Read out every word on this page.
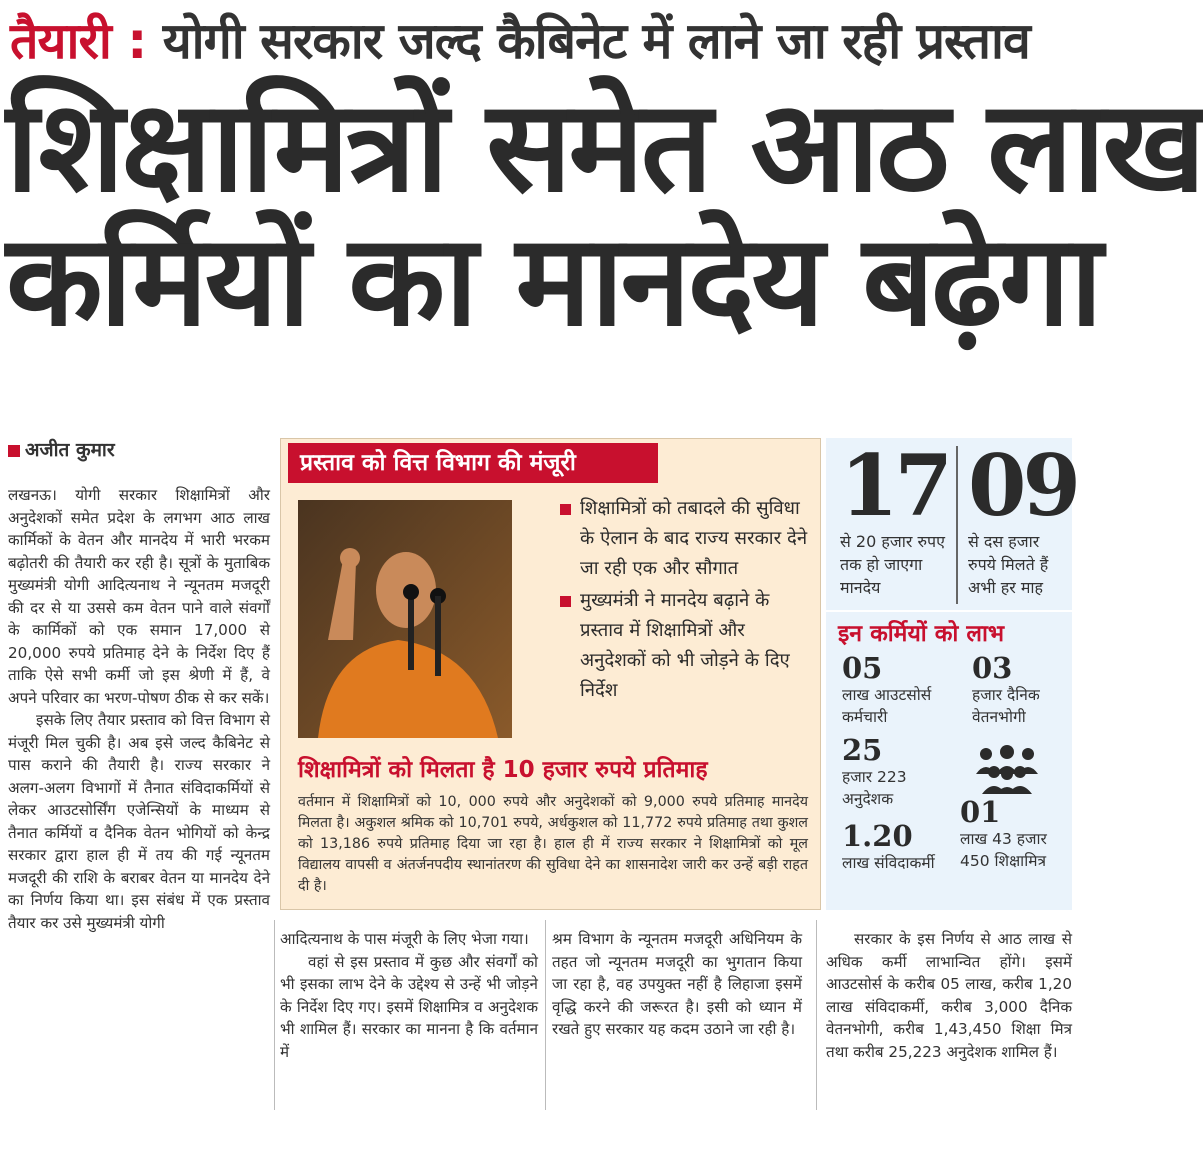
तैयारी : योगी सरकार जल्द कैबिनेट में लाने जा रही प्रस्ताव
शिक्षामित्रों समेत आठ लाख
कर्मियों का मानदेय बढ़ेगा
अजीत कुमार

लखनऊ। योगी सरकार शिक्षामित्रों और अनुदेशकों समेत प्रदेश के लगभग आठ लाख कार्मिकों के वेतन और मानदेय में भारी भरकम बढ़ोतरी की तैयारी कर रही है। सूत्रों के मुताबिक मुख्यमंत्री योगी आदित्यनाथ ने न्यूनतम मजदूरी की दर से या उससे कम वेतन पाने वाले संवर्गों के कार्मिकों को एक समान 17,000 से 20,000 रुपये प्रतिमाह देने के निर्देश दिए हैं ताकि ऐसे सभी कर्मी जो इस श्रेणी में हैं, वे अपने परिवार का भरण-पोषण ठीक से कर सकें।

इसके लिए तैयार प्रस्ताव को वित्त विभाग से मंजूरी मिल चुकी है। अब इसे जल्द कैबिनेट से पास कराने की तैयारी है। राज्य सरकार ने अलग-अलग विभागों में तैनात संविदाकर्मियों से लेकर आउटसोर्सिंग एजेन्सियों के माध्यम से तैनात कर्मियों व दैनिक वेतन भोगियों को केन्द्र सरकार द्वारा हाल ही में तय की गई न्यूनतम मजदूरी की राशि के बराबर वेतन या मानदेय देने का निर्णय किया था। इस संबंध में एक प्रस्ताव तैयार कर उसे मुख्यमंत्री योगी

प्रस्ताव को वित्त विभाग की मंजूरी
शिक्षामित्रों को तबादले की सुविधा के ऐलान के बाद राज्य सरकार देने जा रही एक और सौगात
मुख्यमंत्री ने मानदेय बढ़ाने के प्रस्ताव में शिक्षामित्रों और अनुदेशकों को भी जोड़ने के दिए निर्देश
शिक्षामित्रों को मिलता है 10 हजार रुपये प्रतिमाह
वर्तमान में शिक्षामित्रों को 10, 000 रुपये और अनुदेशकों को 9,000 रुपये प्रतिमाह मानदेय मिलता है। अकुशल श्रमिक को 10,701 रुपये, अर्धकुशल को 11,772 रुपये प्रतिमाह तथा कुशल को 13,186 रुपये प्रतिमाह दिया जा रहा है। हाल ही में राज्य सरकार ने शिक्षामित्रों को मूल विद्यालय वापसी व अंतर्जनपदीय स्थानांतरण की सुविधा देने का शासनादेश जारी कर उन्हें बड़ी राहत दी है।
17
से 20 हजार रुपए तक हो जाएगा मानदेय
09
से दस हजार रुपये मिलते हैं अभी हर माह
इन कर्मियों को लाभ
05
लाख आउटसोर्स कर्मचारी
03
हजार दैनिक वेतनभोगी
25
हजार 223 अनुदेशक	01
लाख 43 हजार 450 शिक्षामित्र
1.20
लाख संविदाकर्मी

आदित्यनाथ के पास मंजूरी के लिए भेजा गया।

वहां से इस प्रस्ताव में कुछ और संवर्गों को भी इसका लाभ देने के उद्देश्य से उन्हें भी जोड़ने के निर्देश दिए गए। इसमें शिक्षामित्र व अनुदेशक भी शामिल हैं। सरकार का मानना है कि वर्तमान में

श्रम विभाग के न्यूनतम मजदूरी अधिनियम के तहत जो न्यूनतम मजदूरी का भुगतान किया जा रहा है, वह उपयुक्त नहीं है लिहाजा इसमें वृद्धि करने की जरूरत है। इसी को ध्यान में रखते हुए सरकार यह कदम उठाने जा रही है।

सरकार के इस निर्णय से आठ लाख से अधिक कर्मी लाभान्वित होंगे। इसमें आउटसोर्स के करीब 05 लाख, करीब 1,20 लाख संविदाकर्मी, करीब 3,000 दैनिक वेतनभोगी, करीब 1,43,450 शिक्षा मित्र तथा करीब 25,223 अनुदेशक शामिल हैं।
